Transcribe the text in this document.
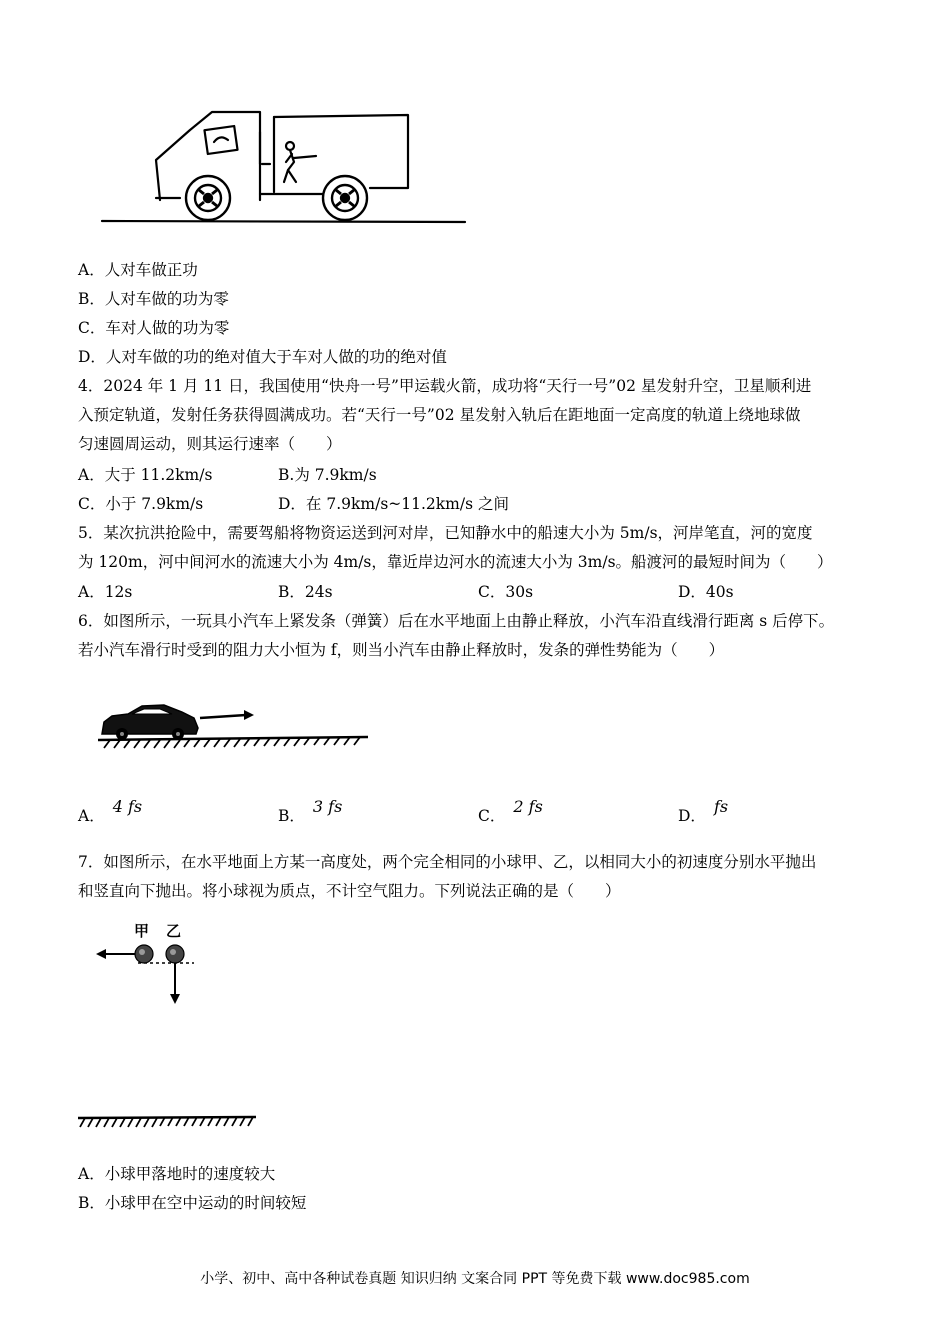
A．人对车做正功
B．人对车做的功为零
C．车对人做的功为零
D．人对车做的功的绝对值大于车对人做的功的绝对值
4．2024 年 1 月 11 日，我国使用“快舟一号”甲运载火箭，成功将“天行一号”02 星发射升空，卫星顺利进
入预定轨道，发射任务获得圆满成功。若“天行一号”02 星发射入轨后在距地面一定高度的轨道上绕地球做
匀速圆周运动，则其运行速率（　　）
A．大于 11.2km/s	B.为 7.9km/s
C．小于 7.9km/s	D．在 7.9km/s~11.2km/s 之间
5．某次抗洪抢险中，需要驾船将物资运送到河对岸，已知静水中的船速大小为 5m/s，河岸笔直，河的宽度
为 120m，河中间河水的流速大小为 4m/s，靠近岸边河水的流速大小为 3m/s。船渡河的最短时间为（　　）
A．12s	B．24s	C．30s	D．40s
6．如图所示，一玩具小汽车上紧发条（弹簧）后在水平地面上由静止释放，小汽车沿直线滑行距离 s 后停下。
若小汽车滑行时受到的阻力大小恒为 f，则当小汽车由静止释放时，发条的弹性势能为（　　）
A． 4 fs	B． 3 fs	C． 2 fs	D． fs
7．如图所示，在水平地面上方某一高度处，两个完全相同的小球甲、乙，以相同大小的初速度分别水平抛出
和竖直向下抛出。将小球视为质点，不计空气阻力。下列说法正确的是（　　）
甲 乙
A．小球甲落地时的速度较大
B．小球甲在空中运动的时间较短
小学、初中、高中各种试卷真题 知识归纳 文案合同 PPT 等免费下载 www.doc985.com
